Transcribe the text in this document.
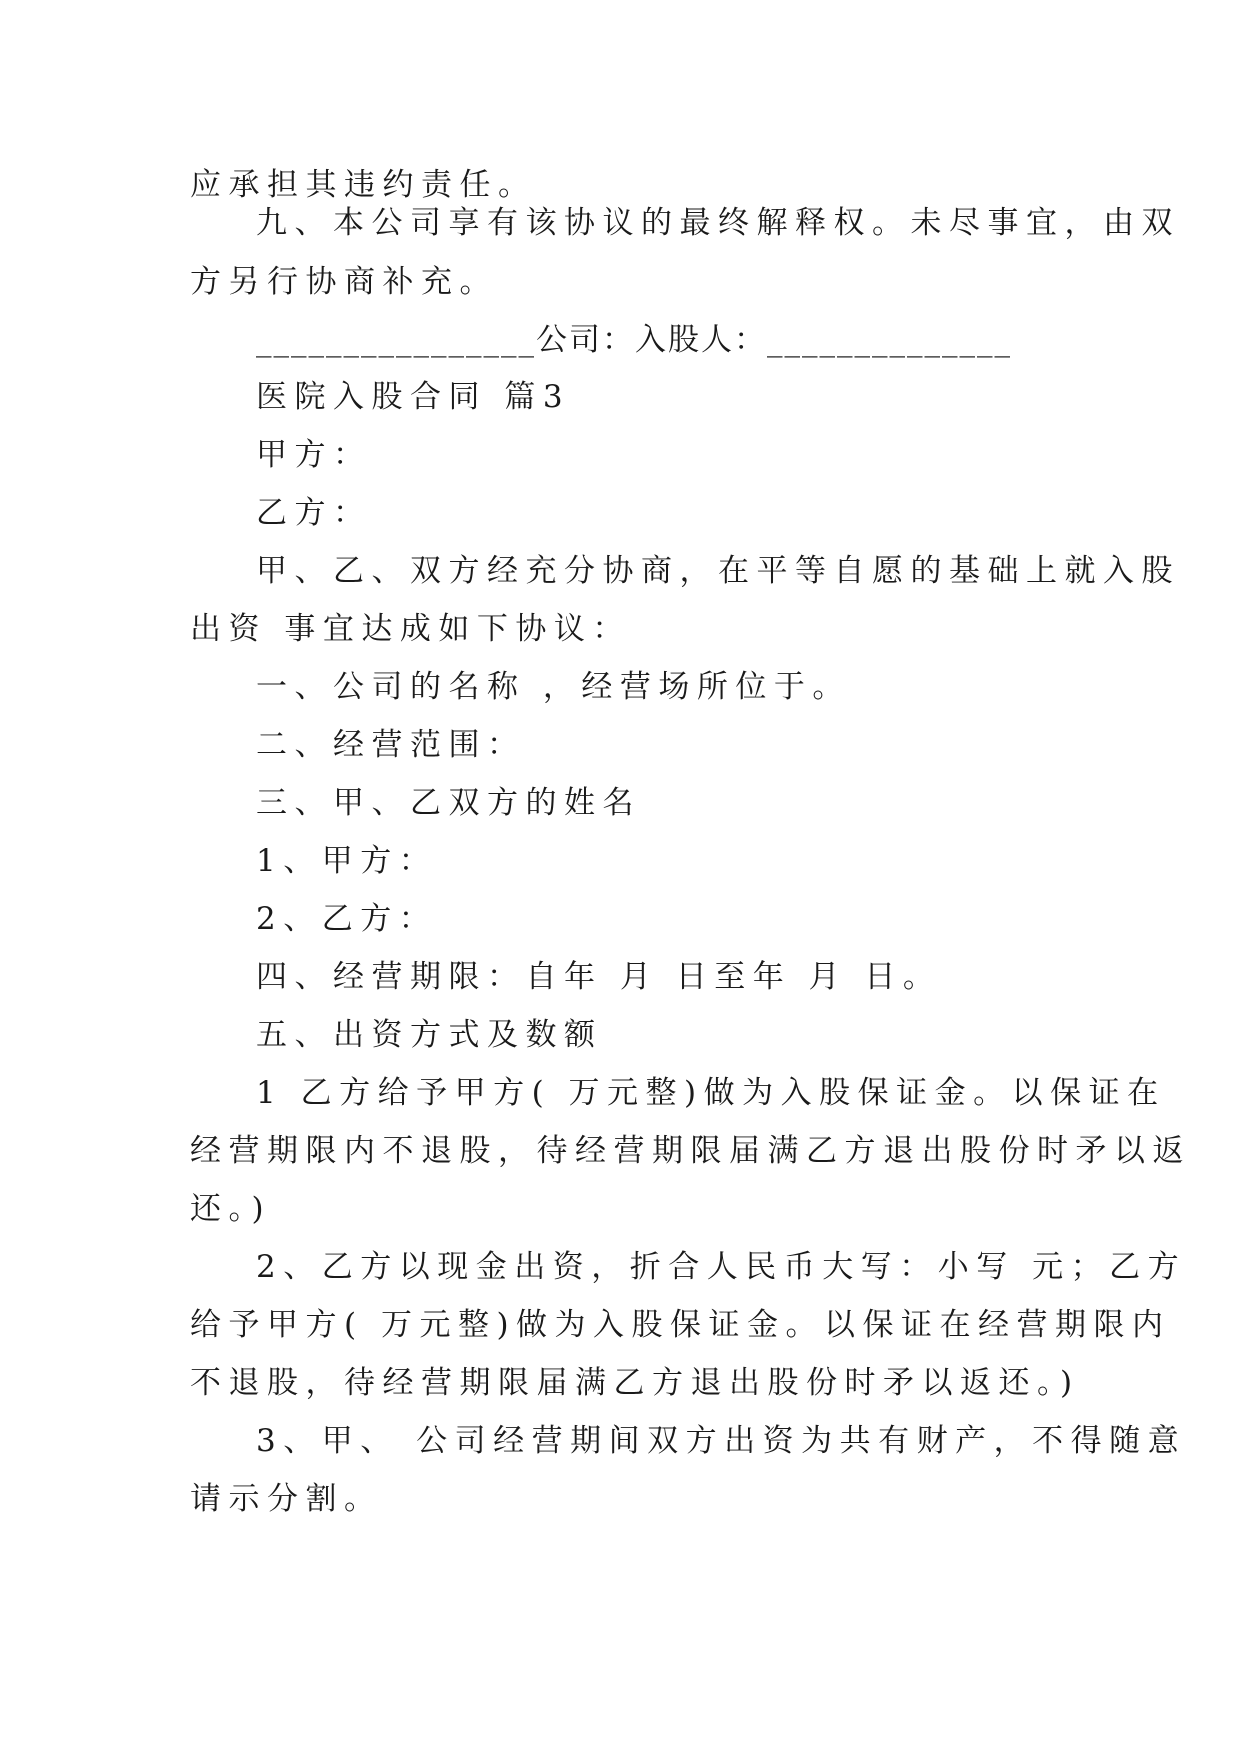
应承担其违约责任。
九、本公司享有该协议的最终解释权。未尽事宜，由双
方另行协商补充。
________________公司：入股人：______________
医院入股合同 篇3
甲方：
乙方：
甲、乙、双方经充分协商，在平等自愿的基础上就入股
出资 事宜达成如下协议：
一、公司的名称 ，经营场所位于。
二、经营范围：
三、甲、乙双方的姓名
1、甲方：
2、乙方：
四、经营期限：自年 月 日至年 月 日。
五、出资方式及数额
1 乙方给予甲方( 万元整)做为入股保证金。以保证在
经营期限内不退股，待经营期限届满乙方退出股份时矛以返
还。)
2、乙方以现金出资，折合人民币大写：小写 元；乙方
给予甲方( 万元整)做为入股保证金。以保证在经营期限内
不退股，待经营期限届满乙方退出股份时矛以返还。)
3、甲、 公司经营期间双方出资为共有财产，不得随意
请示分割。
